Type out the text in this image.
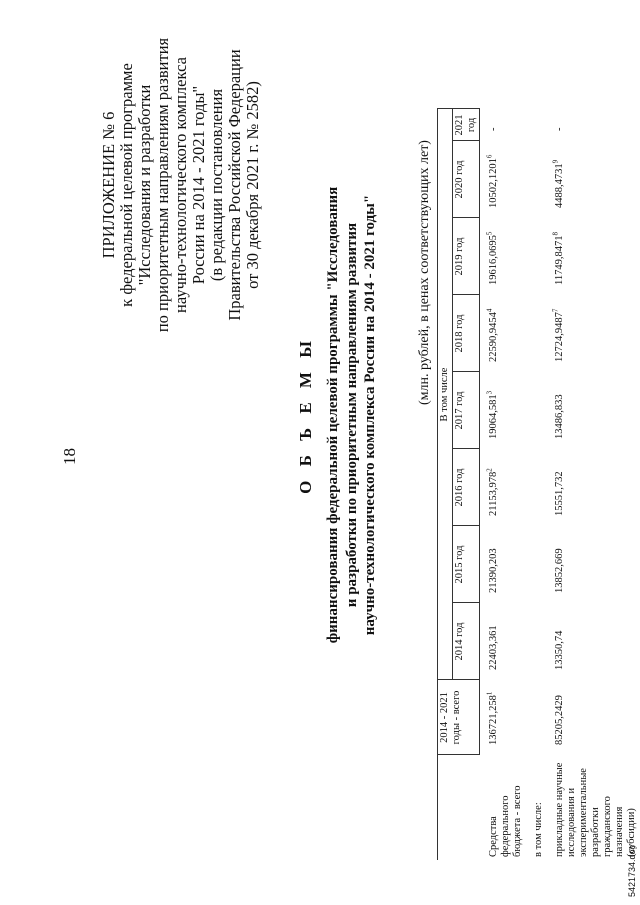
18
ПРИЛОЖЕНИЕ № 6 к федеральной целевой программе "Исследования и разработки по приоритетным направлениям развития научно-технологического комплекса России на 2014 - 2021 годы" (в редакции постановления Правительства Российской Федерации от 30 декабря 2021 г. № 2582)
О Б Ъ Е М Ы финансирования федеральной целевой программы "Исследования и разработки по приоритетным направлениям развития научно-технологического комплекса России на 2014 - 2021 годы"	(млн. рублей, в ценах соответствующих лет)

	2014 - 2021 годы - всего	В том числе							
		2014 год	2015 год	2016 год	2017 год	2018 год	2019 год	2020 год	2021 год
Средства федерального бюджета - всего	136721,258$^1$	22403,361	21390,203	21153,978$^2$	19064,581$^3$	22590,9454$^4$	19616,0695$^5$	10502,1201$^6$	-
в том числе:									
прикладные научные исследования и экспериментальные разработки гражданского назначения (субсидии)	85205,2429	13350,74	13852,669	15551,732	13486,833	12724,9487$^7$	11749,8471$^8$	4488,4731$^9$	-
5421734.doc
